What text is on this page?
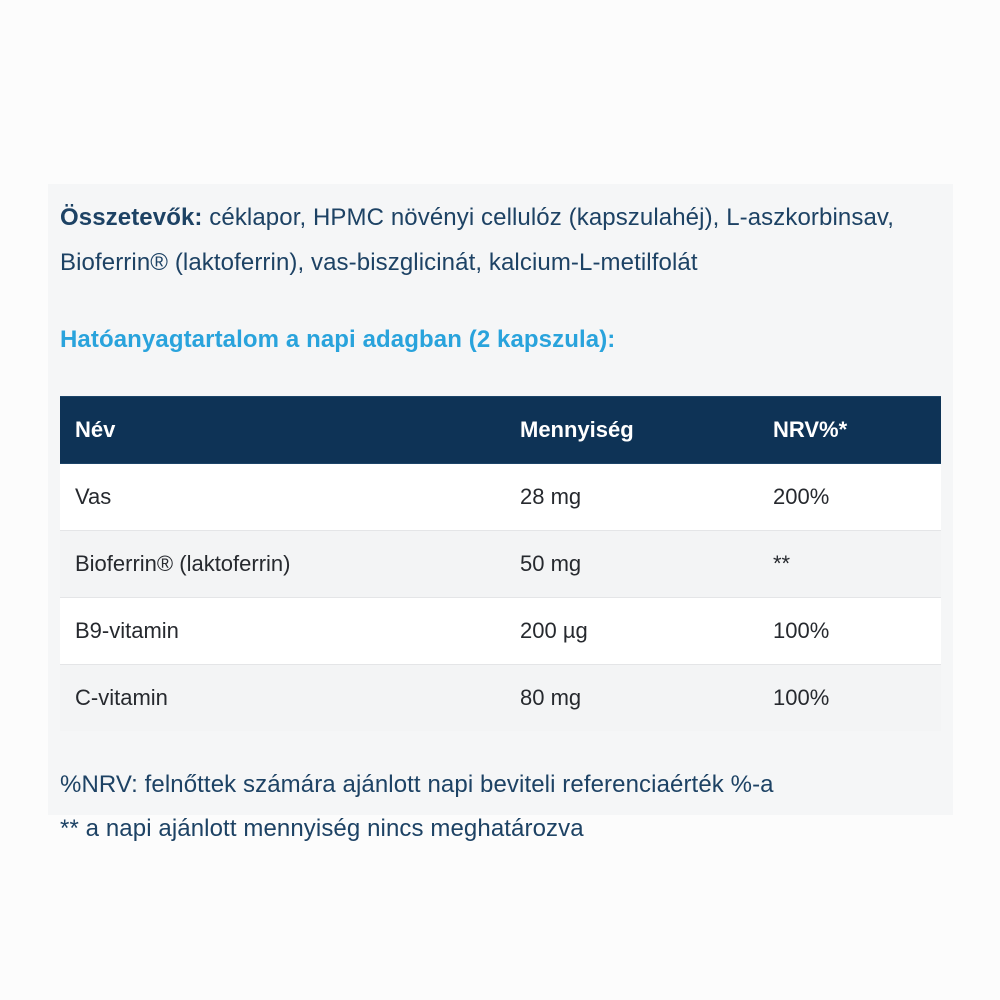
Összetevők: céklapor, HPMC növényi cellulóz (kapszulahéj), L-aszkorbinsav, Bioferrin® (laktoferrin), vas-biszglicinát, kalcium-L-metilfolát

Hatóanyagtartalom a napi adagban (2 kapszula):
Név	Mennyiség	NRV%*
Vas	28 mg	200%
Bioferrin® (laktoferrin)	50 mg	**
B9-vitamin	200 µg	100%
C-vitamin	80 mg	100%

%NRV: felnőttek számára ajánlott napi beviteli referenciaérték %-a

** a napi ajánlott mennyiség nincs meghatározva
